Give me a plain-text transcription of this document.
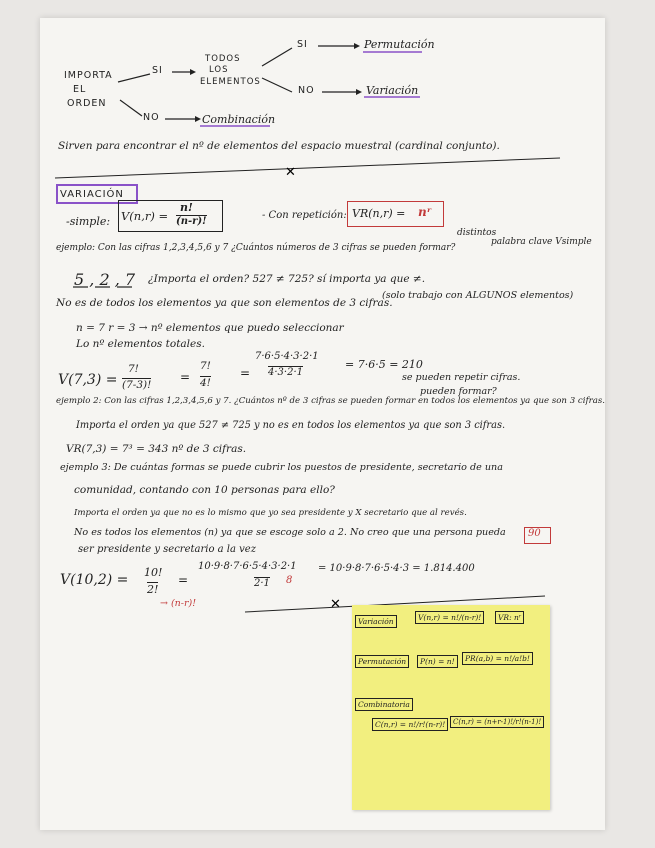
✕
✕
IMPORTA
EL
ORDEN
SI
NO
TODOS
LOS
ELEMENTOS
SI
NO
Permutación
Variación
Combinación
Sirven para encontrar el nº de elementos del espacio muestral (cardinal conjunto).
VARIACIÓN
-simple: V(n,r) =
n!
(n-r)!
- Con repetición: VR(n,r) = nʳ
distintos
palabra clave Vsimple
ejemplo: Con las cifras 1,2,3,4,5,6 y 7 ¿Cuántos números de 3 cifras se pueden formar?
5 , 2 , 7 ¿Importa el orden? 527 ≠ 725? sí importa ya que ≠.
No es de todos los elementos ya que son elementos de 3 cifras.
(solo trabajo con ALGUNOS elementos)
n = 7 r = 3 → nº elementos que puedo seleccionar
Lo nº elementos totales.
V(7,3) =
7!
(7-3)!
=
7!
4!
=
7·6·5·4·3·2·1
4·3·2·1
= 7·6·5 = 210
se pueden repetir cifras.
pueden formar?
ejemplo 2: Con las cifras 1,2,3,4,5,6 y 7. ¿Cuántos nº de 3 cifras se pueden formar en todos los elementos ya que son 3 cifras.
Importa el orden ya que 527 ≠ 725 y no es en todos los elementos ya que son 3 cifras.
VR(7,3) = 7³ = 343 nº de 3 cifras.
ejemplo 3: De cuántas formas se puede cubrir los puestos de presidente, secretario de una
comunidad, contando con 10 personas para ello?
Importa el orden ya que no es lo mismo que yo sea presidente y X secretario que al revés.
No es todos los elementos (n) ya que se escoge solo a 2. No creo que una persona pueda
ser presidente y secretario a la vez
V(10,2) = 10!
2!
=
10·9·8·7·6·5·4·3·2·1
2·1 8
= 10·9·8·7·6·5·4·3 = 1.814.400
90
→ (n-r)!
Variación	V(n,r) = n!/(n-r)!	VR: nʳ
Permutación	P(n) = n!	PR(a,b) = n!/a!b!
Combinatoria
C(n,r) = n!/r!(n-r)!	C(n,r) = (n+r-1)!/r!(n-1)!
